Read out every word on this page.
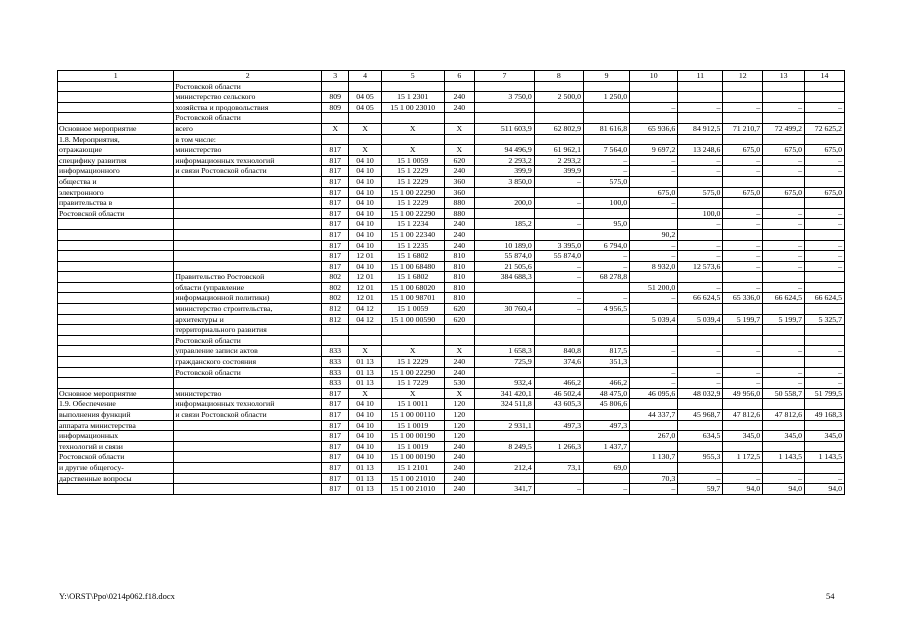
1	2	3	4	5	6	7	8	9	10	11	12	13	14
	Ростовской области												
	министерство сельского	809	04 05	15 1 2301	240	3 750,0	2 500,0	1 250,0					
	хозяйства и продовольствия	809	04 05	15 1 00 23010	240				–	–	–	–	–
	Ростовской области												
Основное мероприятие	всего	Х	Х	Х	Х	511 603,9	62 802,9	81 616,8	65 936,6	84 912,5	71 210,7	72 499,2	72 625,2
1.8. Мероприятия,	в том числе:												
отражающие	министерство	817	Х	Х	Х	94 496,9	61 962,1	7 564,0	9 697,2	13 248,6	675,0	675,0	675,0
специфику развития	информационных технологий	817	04 10	15 1 0059	620	2 293,2	2 293,2	–	–	–	–	–	–
информационного	и связи Ростовской области	817	04 10	15 1 2229	240	399,9	399,9	–	–	–	–	–	–
общества и		817	04 10	15 1 2229	360	3 850,0	–	575,0					
электронного		817	04 10	15 1 00 22290	360				675,0	575,0	675,0	675,0	675,0
правительства в		817	04 10	15 1 2229	880	200,0	–	100,0	–				
Ростовской области		817	04 10	15 1 00 22290	880					100,0	–	–	–
		817	04 10	15 1 2234	240	185,2	–	95,0		–	–	–	–
		817	04 10	15 1 00 22340	240				90,2				
		817	04 10	15 1 2235	240	10 189,0	3 395,0	6 794,0	–	–	–	–	–
		817	12 01	15 1 6802	810	55 874,0	55 874,0	–	–	–	–	–	–
		817	04 10	15 1 00 68480	810	21 505,6	–	–	8 932,0	12 573,6	–	–	–
	Правительство Ростовской	802	12 01	15 1 6802	810	384 688,3	–	68 278,8					
	области (управление	802	12 01	15 1 00 68020	810				51 200,0	–	–	–	
	информационной политики)	802	12 01	15 1 00 98701	810		–	–	–	66 624,5	65 336,0	66 624,5	66 624,5
	министерство строительства,	812	04 12	15 1 0059	620	30 760,4	–	4 956,5					
	архитектуры и	812	04 12	15 1 00 00590	620				5 039,4	5 039,4	5 199,7	5 199,7	5 325,7
	территориального развития												
	Ростовской области												
	управление записи актов	833	Х	Х	Х	1 658,3	840,8	817,5	–	–	–	–	–
	гражданского состояния	833	01 13	15 1 2229	240	725,9	374,6	351,3					
	Ростовской области	833	01 13	15 1 00 22290	240				–	–	–	–	–
		833	01 13	15 1 7229	530	932,4	466,2	466,2	–	–	–	–	–
Основное мероприятие	министерство	817	Х	Х	Х	341 420,1	46 502,4	48 475,0	46 095,6	48 032,9	49 956,0	50 558,7	51 799,5
1.9. Обеспечение	информационных технологий	817	04 10	15 1 0011	120	324 511,8	43 605,3	45 806,6					
выполнения функций	и связи Ростовской области	817	04 10	15 1 00 00110	120				44 337,7	45 968,7	47 812,6	47 812,6	49 168,3
аппарата министерства		817	04 10	15 1 0019	120	2 931,1	497,3	497,3					
информационных		817	04 10	15 1 00 00190	120				267,0	634,5	345,0	345,0	345,0
технологий и связи		817	04 10	15 1 0019	240	8 249,5	1 266,3	1 437,7					
Ростовской области		817	04 10	15 1 00 00190	240				1 130,7	955,3	1 172,5	1 143,5	1 143,5
и другие общегосу-		817	01 13	15 1 2101	240	212,4	73,1	69,0					
дарственные вопросы		817	01 13	15 1 00 21010	240				70,3	–	–	–	–
		817	01 13	15 1 00 21010	240	341,7	–	–	–	59,7	94,0	94,0	94,0
Y:\ORST\Ppo\0214p062.f18.docx	54
